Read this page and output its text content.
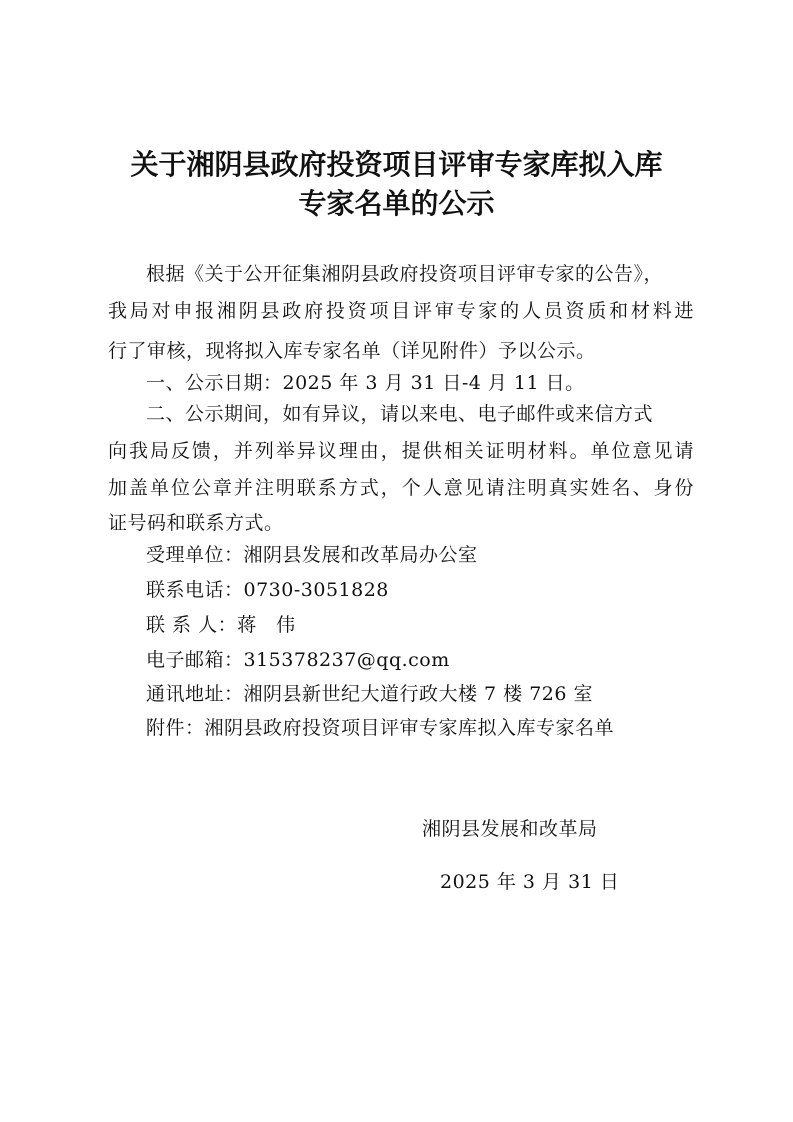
关于湘阴县政府投资项目评审专家库拟入库
专家名单的公示
根据《关于公开征集湘阴县政府投资项目评审专家的公告》，
我局对申报湘阴县政府投资项目评审专家的人员资质和材料进
行了审核，现将拟入库专家名单（详见附件）予以公示。
一、公示日期：2025 年 3 月 31 日-4 月 11 日。
二、公示期间，如有异议，请以来电、电子邮件或来信方式
向我局反馈，并列举异议理由，提供相关证明材料。单位意见请
加盖单位公章并注明联系方式，个人意见请注明真实姓名、身份
证号码和联系方式。
受理单位：湘阴县发展和改革局办公室
联系电话：0730-3051828
联 系 人：蒋　伟
电子邮箱：315378237@qq.com
通讯地址：湘阴县新世纪大道行政大楼 7 楼 726 室
附件：湘阴县政府投资项目评审专家库拟入库专家名单
湘阴县发展和改革局
2025 年 3 月 31 日
